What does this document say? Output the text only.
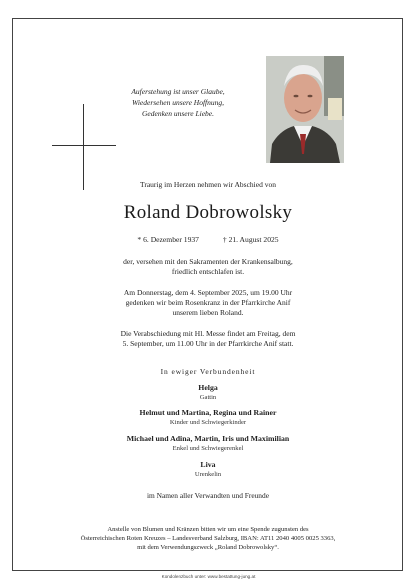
Auferstehung ist unser Glaube,
Wiedersehen unsere Hoffnung,
Gedenken unsere Liebe.
Traurig im Herzen nehmen wir Abschied von
Roland Dobrowolsky
* 6. Dezember 1937	† 21. August 2025
der, versehen mit den Sakramenten der Krankensalbung,
friedlich entschlafen ist.
Am Donnerstag, dem 4. September 2025, um 19.00 Uhr
gedenken wir beim Rosenkranz in der Pfarrkirche Anif
unserem lieben Roland.
Die Verabschiedung mit Hl. Messe findet am Freitag, dem
5. September, um 11.00 Uhr in der Pfarrkirche Anif statt.
In ewiger Verbundenheit
Helga
Gattin
Helmut und Martina, Regina und Rainer
Kinder und Schwiegerkinder
Michael und Adina, Martin, Iris und Maximilian
Enkel und Schwiegerenkel
Liva
Urenkelin
im Namen aller Verwandten und Freunde
Anstelle von Blumen und Kränzen bitten wir um eine Spende zugunsten des
Österreichischen Roten Kreuzes – Landesverband Salzburg, IBAN: AT11 2040 4005 0025 3363,
mit dem Verwendungszweck „Roland Dobrowolsky“.
Kondolenzbuch unter: www.bestattung-jung.at
